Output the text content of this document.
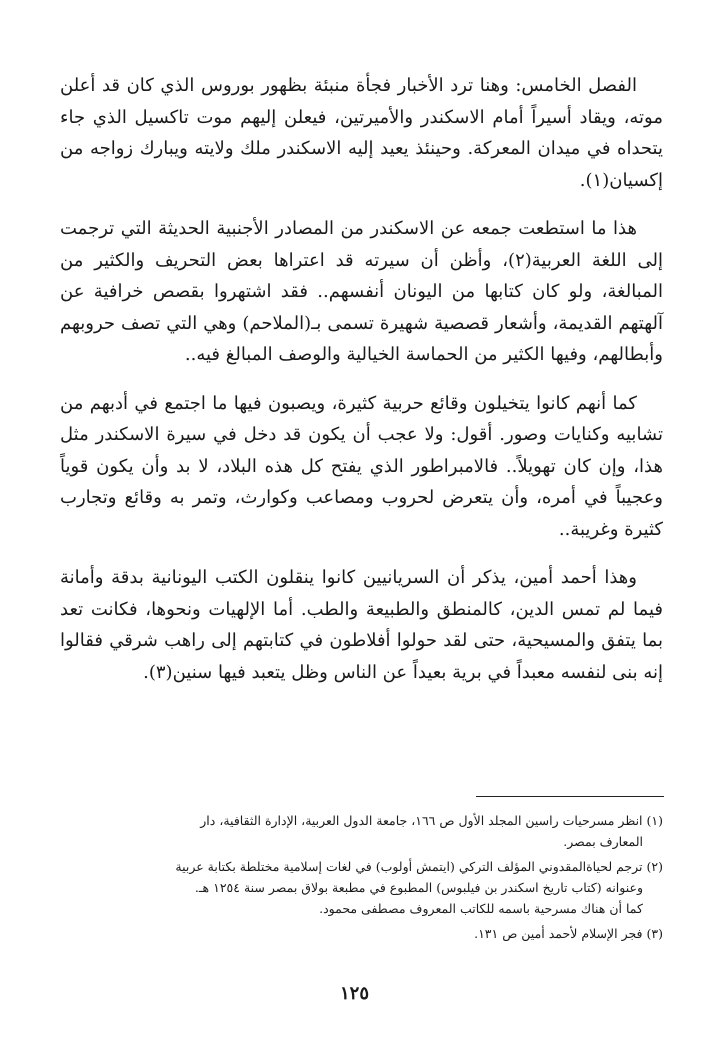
الفصل الخامس: وهنا ترد الأخبار فجأة منبئة بظهور بوروس الذي كان قد أعلن موته، ويقاد أسيراً أمام الاسكندر والأميرتين، فيعلن إليهم موت تاكسيل الذي جاء يتحداه في ميدان المعركة. وحينئذ يعيد إليه الاسكندر ملك ولايته ويبارك زواجه من إكسيان(١).

هذا ما استطعت جمعه عن الاسكندر من المصادر الأجنبية الحديثة التي ترجمت إلى اللغة العربية(٢)، وأظن أن سيرته قد اعتراها بعض التحريف والكثير من المبالغة، ولو كان كتابها من اليونان أنفسهم.. فقد اشتهروا بقصص خرافية عن آلهتهم القديمة، وأشعار قصصية شهيرة تسمى بـ(الملاحم) وهي التي تصف حروبهم وأبطالهم، وفيها الكثير من الحماسة الخيالية والوصف المبالغ فيه..

كما أنهم كانوا يتخيلون وقائع حربية كثيرة، ويصبون فيها ما اجتمع في أدبهم من تشابيه وكنايات وصور. أقول: ولا عجب أن يكون قد دخل في سيرة الاسكندر مثل هذا، وإن كان تهويلاً.. فالامبراطور الذي يفتح كل هذه البلاد، لا بد وأن يكون قوياً وعجيباً في أمره، وأن يتعرض لحروب ومصاعب وكوارث، وتمر به وقائع وتجارب كثيرة وغريبة..

وهذا أحمد أمين، يذكر أن السريانيين كانوا ينقلون الكتب اليونانية بدقة وأمانة فيما لم تمس الدين، كالمنطق والطبيعة والطب. أما الإلهيات ونحوها، فكانت تعد بما يتفق والمسيحية، حتى لقد حولوا أفلاطون في كتابتهم إلى راهب شرقي فقالوا إنه بنى لنفسه معبداً في برية بعيداً عن الناس وظل يتعبد فيها سنين(٣).

(١) انظر مسرحيات راسين المجلد الأول ص ١٦٦، جامعة الدول العربية، الإدارة الثقافية، دار
المعارف بمصر.
(٢) ترجم لحياةالمقدوني المؤلف التركي (ايتمش أولوب) في لغات إسلامية مختلطة بكتابة عربية
وعنوانه (كتاب تاريخ اسكندر بن فيلبوس) المطبوع في مطبعة بولاق بمصر سنة ١٢٥٤ هـ.
كما أن هناك مسرحية باسمه للكاتب المعروف مصطفى محمود.
(٣) فجر الإسلام لأحمد أمين ص ١٣١.
١٢٥
